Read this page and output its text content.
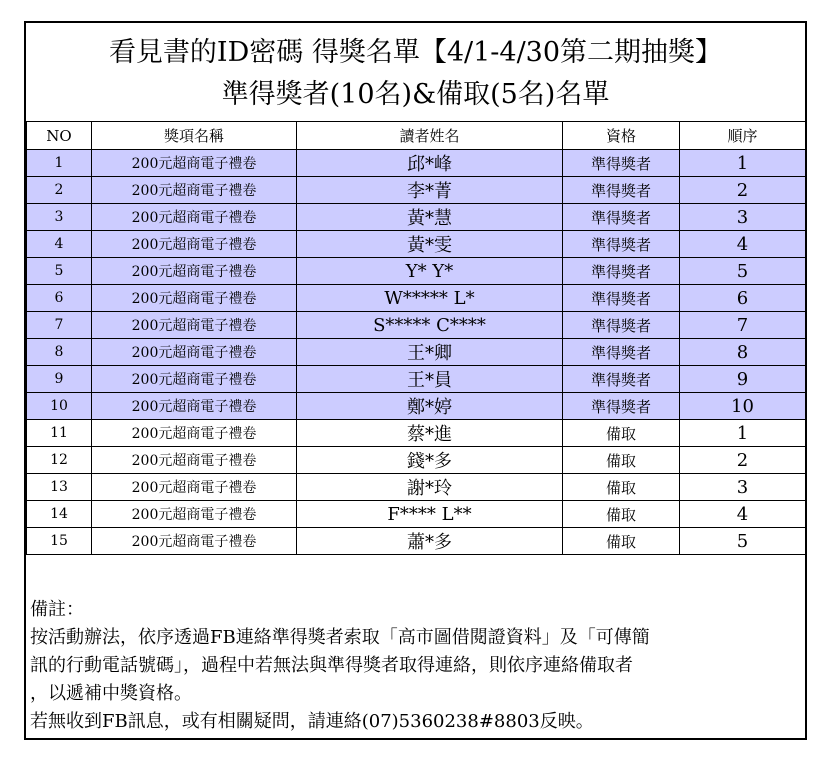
看見書的ID密碼 得獎名單【4/1-4/30第二期抽獎】
準得獎者(10名)&備取(5名)名單
NO	獎項名稱	讀者姓名	資格	順序
1	200元超商電子禮卷	邱*峰	準得獎者	1
2	200元超商電子禮卷	李*菁	準得獎者	2
3	200元超商電子禮卷	黃*慧	準得獎者	3
4	200元超商電子禮卷	黃*雯	準得獎者	4
5	200元超商電子禮卷	Y* Y*	準得獎者	5
6	200元超商電子禮卷	W***** L*	準得獎者	6
7	200元超商電子禮卷	S***** C****	準得獎者	7
8	200元超商電子禮卷	王*卿	準得獎者	8
9	200元超商電子禮卷	王*員	準得獎者	9
10	200元超商電子禮卷	鄭*婷	準得獎者	10
11	200元超商電子禮卷	蔡*進	備取	1
12	200元超商電子禮卷	錢*多	備取	2
13	200元超商電子禮卷	謝*玲	備取	3
14	200元超商電子禮卷	F**** L**	備取	4
15	200元超商電子禮卷	蕭*多	備取	5
備註：
按活動辦法，依序透過FB連絡準得獎者索取「高市圖借閱證資料」及「可傳簡
訊的行動電話號碼」，過程中若無法與準得獎者取得連絡，則依序連絡備取者
，以遞補中獎資格。
若無收到FB訊息，或有相關疑問，請連絡(07)5360238#8803反映。
